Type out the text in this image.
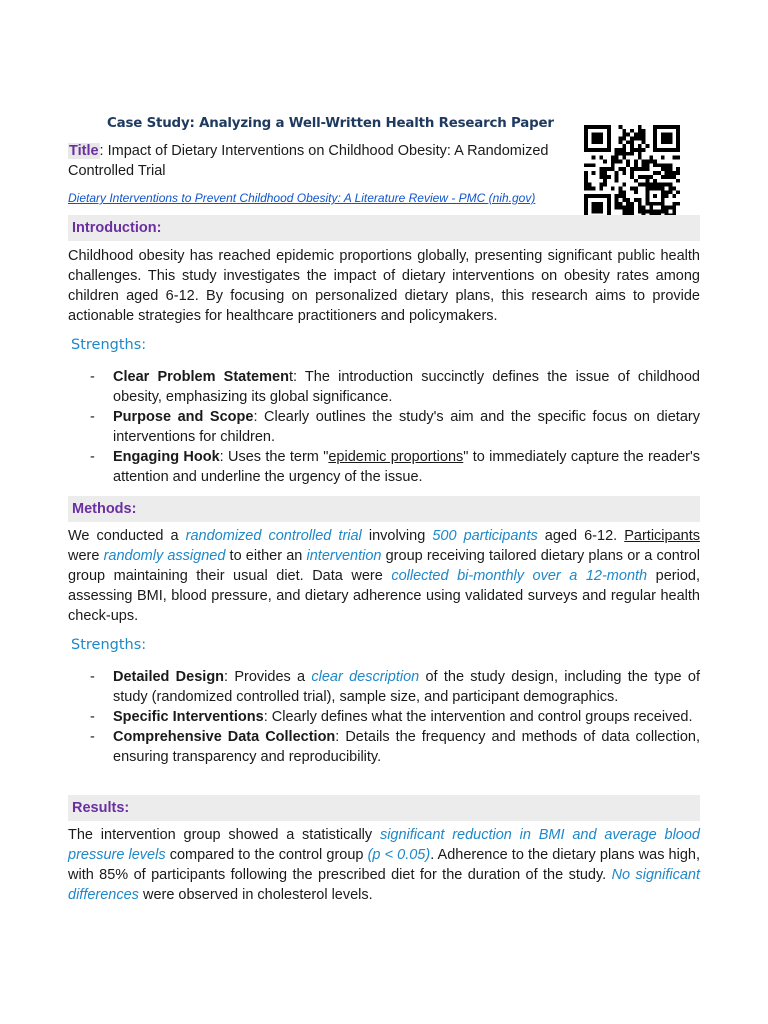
Case Study: Analyzing a Well-Written Health Research Paper
Title: Impact of Dietary Interventions on Childhood Obesity: A Randomized Controlled Trial
Dietary Interventions to Prevent Childhood Obesity: A Literature Review - PMC (nih.gov)
Introduction:
Childhood obesity has reached epidemic proportions globally, presenting significant public health challenges. This study investigates the impact of dietary interventions on obesity rates among children aged 6-12. By focusing on personalized dietary plans, this research aims to provide actionable strategies for healthcare practitioners and policymakers.
Strengths:
- Clear Problem Statement: The introduction succinctly defines the issue of childhood obesity, emphasizing its global significance.
- Purpose and Scope: Clearly outlines the study's aim and the specific focus on dietary interventions for children.
- Engaging Hook: Uses the term "epidemic proportions" to immediately capture the reader's attention and underline the urgency of the issue.
Methods:
We conducted a randomized controlled trial involving 500 participants aged 6-12. Participants were randomly assigned to either an intervention group receiving tailored dietary plans or a control group maintaining their usual diet. Data were collected bi-monthly over a 12-month period, assessing BMI, blood pressure, and dietary adherence using validated surveys and regular health check-ups.
Strengths:
- Detailed Design: Provides a clear description of the study design, including the type of study (randomized controlled trial), sample size, and participant demographics.
- Specific Interventions: Clearly defines what the intervention and control groups received.
- Comprehensive Data Collection: Details the frequency and methods of data collection, ensuring transparency and reproducibility.
Results:
The intervention group showed a statistically significant reduction in BMI and average blood pressure levels compared to the control group (p < 0.05). Adherence to the dietary plans was high, with 85% of participants following the prescribed diet for the duration of the study. No significant differences were observed in cholesterol levels.
